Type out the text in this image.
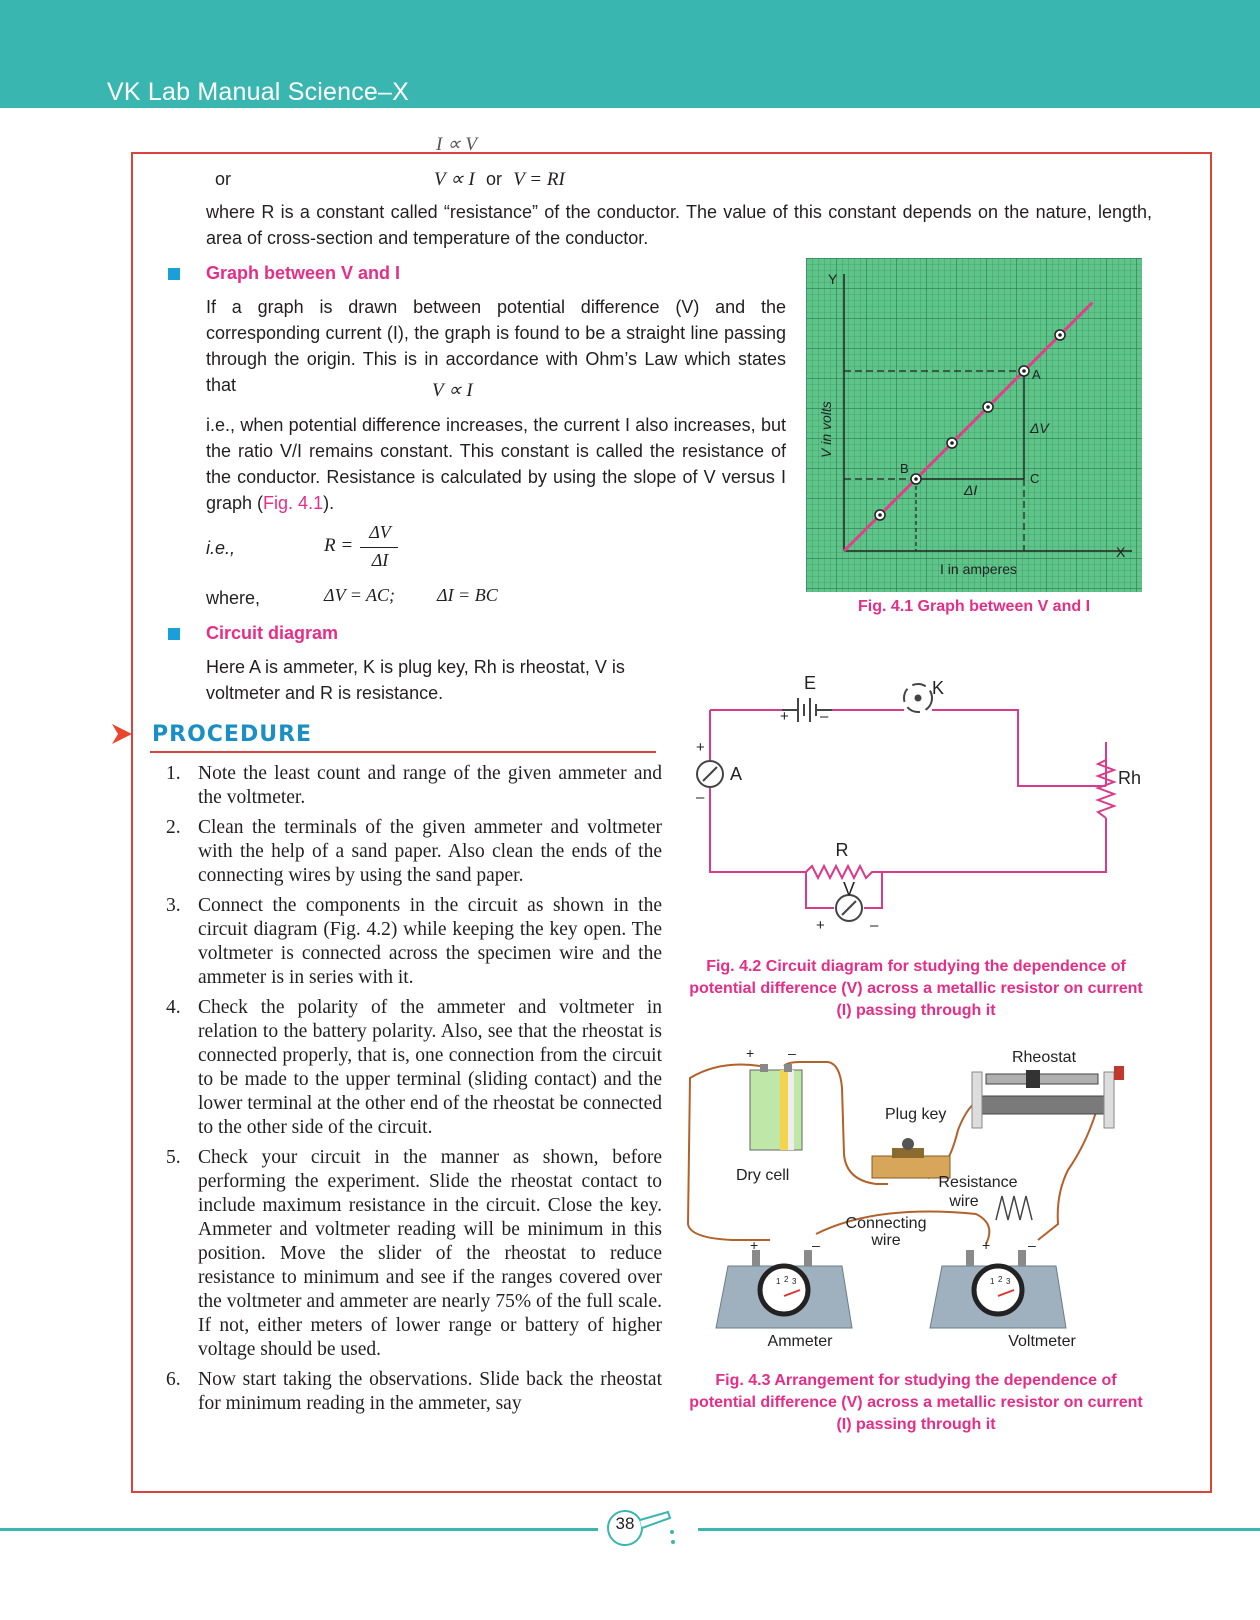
VK Lab Manual Science–X
I ∝ V
or	V ∝ I or V = RI
where R is a constant called “resistance” of the conductor. The value of this constant depends on the nature, length, area of cross-section and temperature of the conductor.
Graph between V and I
If a graph is drawn between potential difference (V) and the corresponding current (I), the graph is found to be a straight line passing through the origin. This is in accordance with Ohm’s Law which states that	V ∝ I
i.e., when potential difference increases, the current I also increases, but the ratio V/I remains constant. This constant is called the resistance of the conductor. Resistance is calculated by using the slope of V versus I graph (Fig. 4.1).
i.e.,	R =
ΔV
ΔI
where,	ΔV = AC; ΔI = BC
Circuit diagram
Here A is ammeter, K is plug key, Rh is rheostat, V is voltmeter and R is resistance.
PROCEDURE
1. Note the least count and range of the given ammeter and the voltmeter.
2. Clean the terminals of the given ammeter and voltmeter with the help of a sand paper. Also clean the ends of the connecting wires by using the sand paper.
3. Connect the components in the circuit as shown in the circuit diagram (Fig. 4.2) while keeping the key open. The voltmeter is connected across the specimen wire and the ammeter is in series with it.
4. Check the polarity of the ammeter and voltmeter in relation to the battery polarity. Also, see that the rheostat is connected properly, that is, one connection from the circuit to be made to the upper terminal (sliding contact) and the lower terminal at the other end of the rheostat be connected to the other side of the circuit.
5. Check your circuit in the manner as shown, before performing the experiment. Slide the rheostat contact to include maximum resistance in the circuit. Close the key. Ammeter and voltmeter reading will be minimum in this position. Move the slider of the rheostat to reduce resistance to minimum and see if the ranges covered over the voltmeter and ammeter are nearly 75% of the full scale. If not, either meters of lower range or battery of higher voltage should be used.
6. Now start taking the observations. Slide back the rheostat for minimum reading in the ammeter, say
Y
X
V in volts
I in amperes
A
B
C
ΔV
ΔI
Fig. 4.1 Graph between V and I
E
+ –
K
A
+
–
Rh
R
V
+	–
Fig. 4.2 Circuit diagram for studying the dependence of potential difference (V) across a metallic resistor on current (I) passing through it
+ –
Dry cell
Plug key
Rheostat
Resistance
wire
Connecting
wire
+	–
1 2 3
Ammeter
+	–
1 2 3
Voltmeter
Fig. 4.3 Arrangement for studying the dependence of potential difference (V) across a metallic resistor on current (I) passing through it
38
